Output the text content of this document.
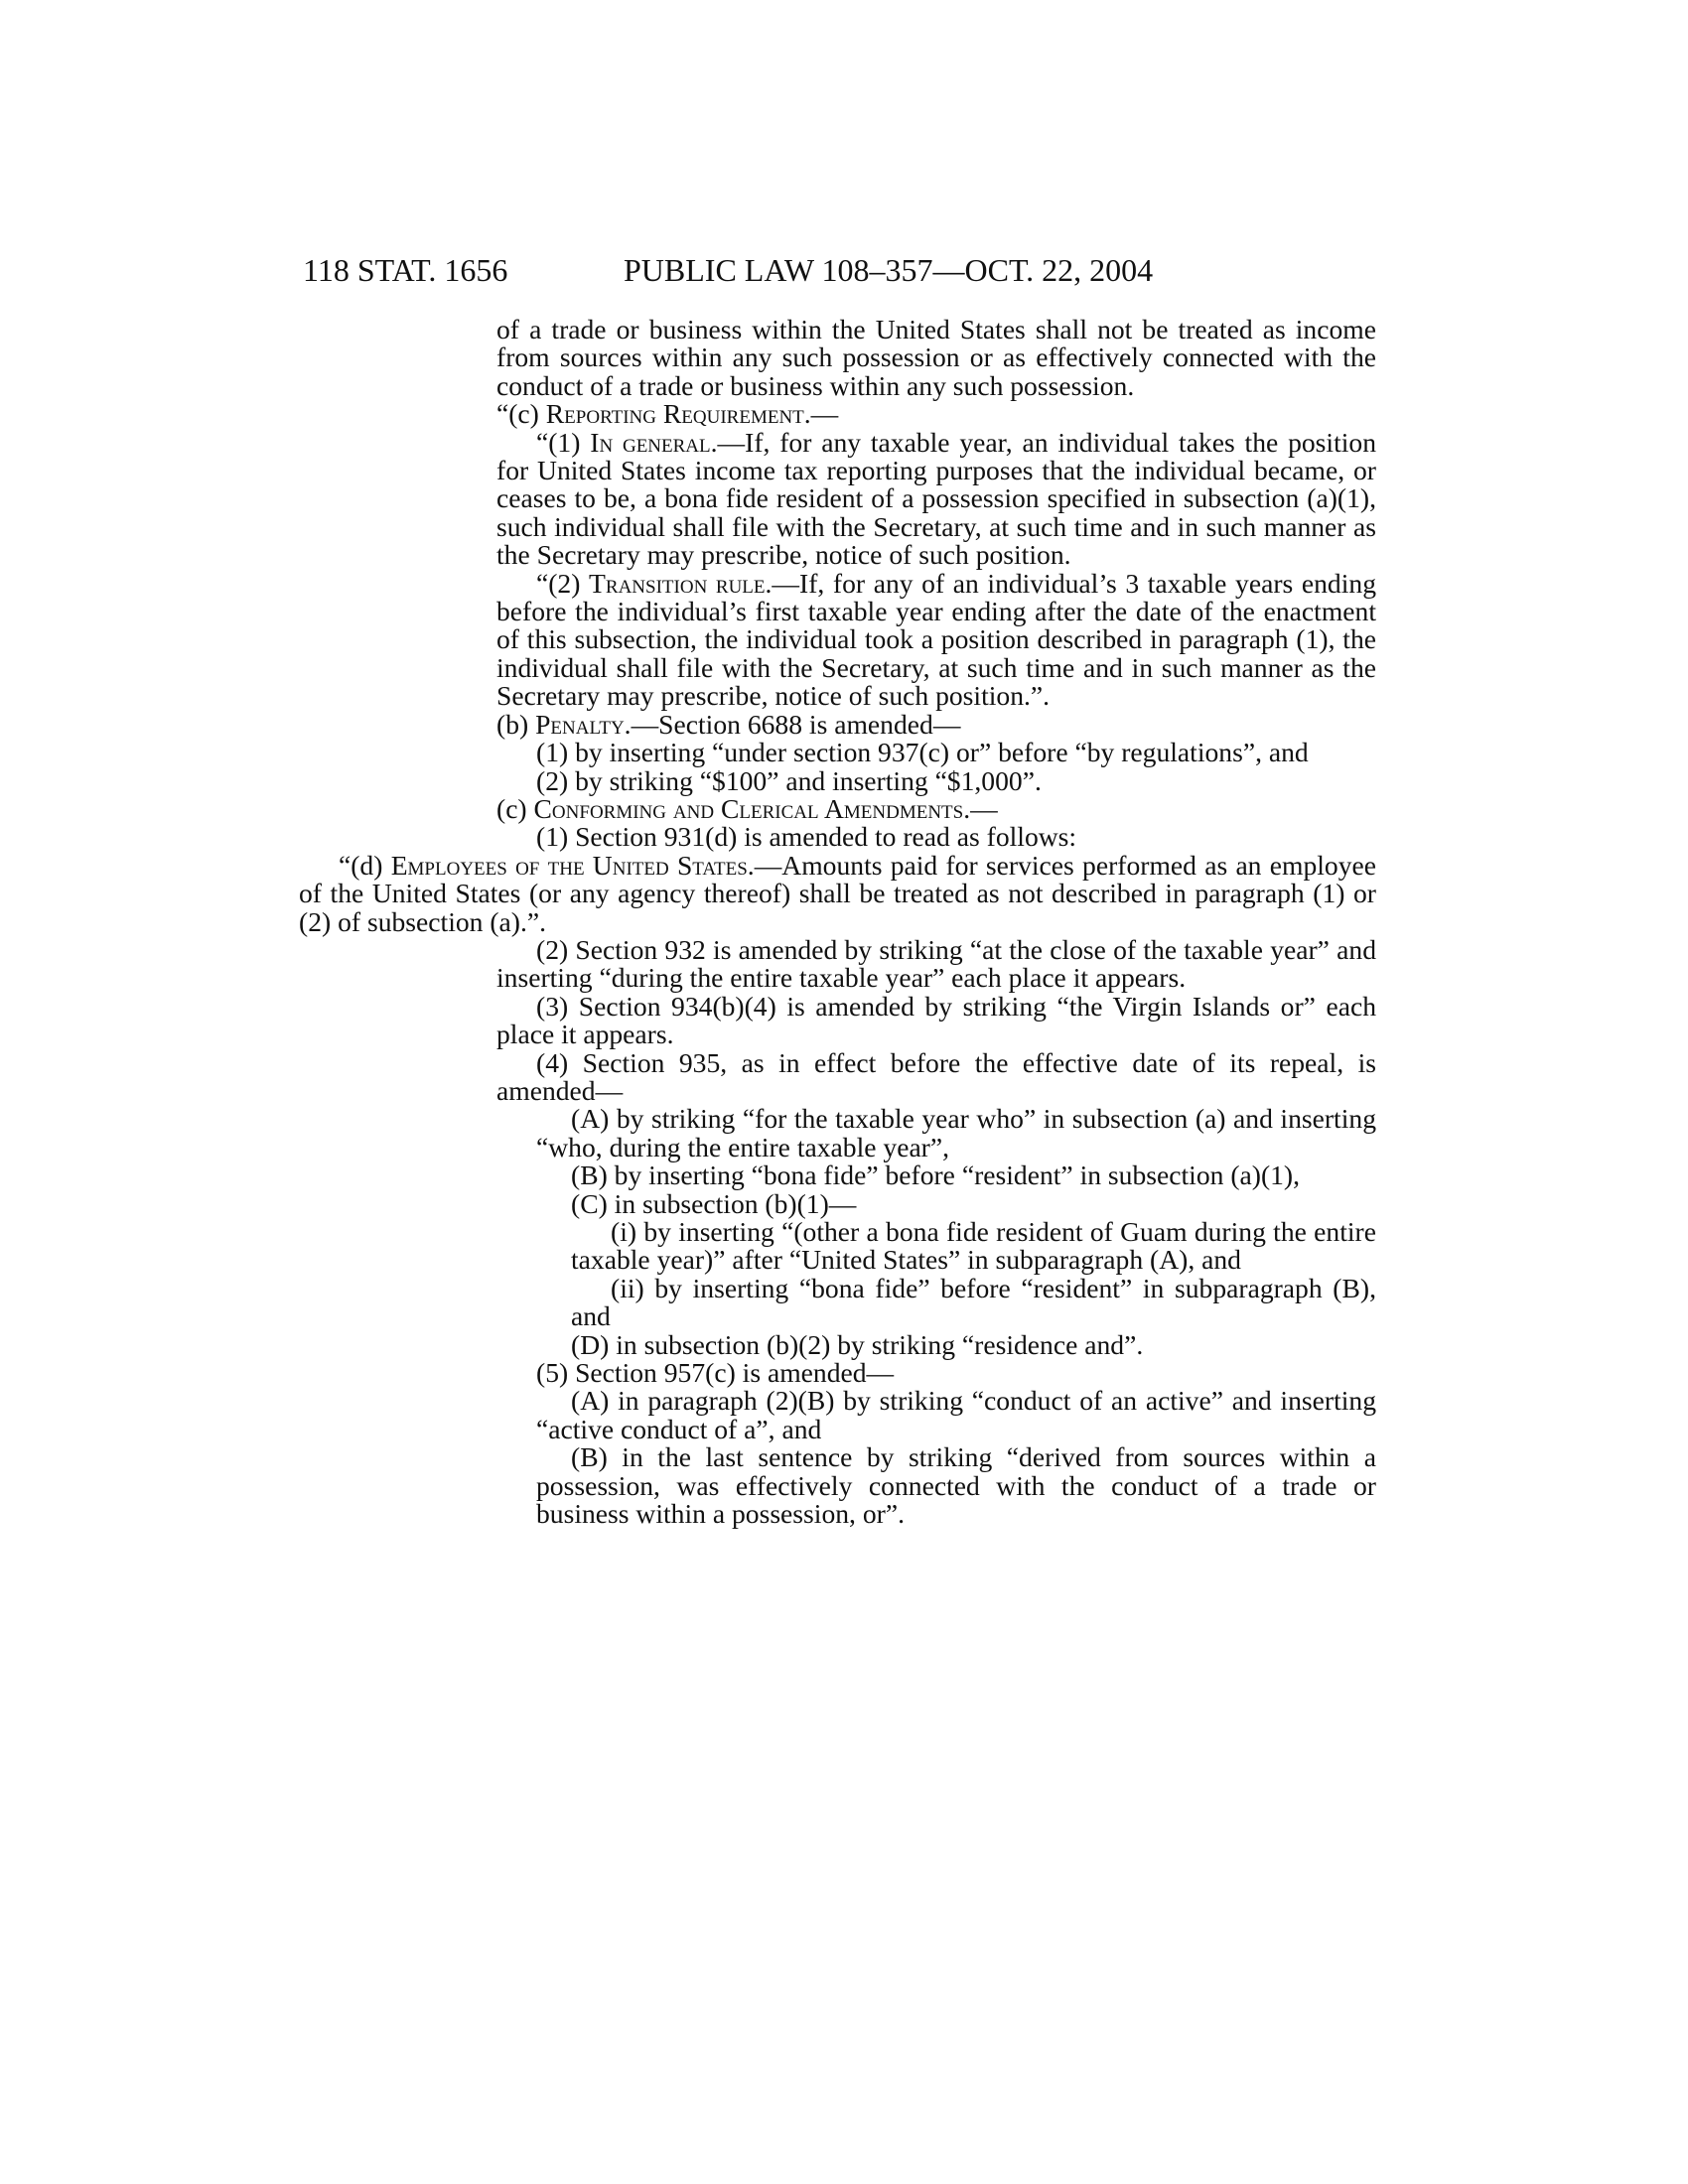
118 STAT. 1656	PUBLIC LAW 108–357—OCT. 22, 2004

of a trade or business within the United States shall not be treated as income from sources within any such possession or as effectively connected with the conduct of a trade or business within any such possession.

“(c) Reporting Requirement.—

“(1) In general.—If, for any taxable year, an individual takes the position for United States income tax reporting purposes that the individual became, or ceases to be, a bona fide resident of a possession specified in subsection (a)(1), such individual shall file with the Secretary, at such time and in such manner as the Secretary may prescribe, notice of such position.

“(2) Transition rule.—If, for any of an individual’s 3 taxable years ending before the individual’s first taxable year ending after the date of the enactment of this subsection, the individual took a position described in paragraph (1), the individual shall file with the Secretary, at such time and in such manner as the Secretary may prescribe, notice of such position.”.

(b) Penalty.—Section 6688 is amended—

(1) by inserting “under section 937(c) or” before “by regulations”, and

(2) by striking “$100” and inserting “$1,000”.

(c) Conforming and Clerical Amendments.—

(1) Section 931(d) is amended to read as follows:

“(d) Employees of the United States.—Amounts paid for services performed as an employee of the United States (or any agency thereof) shall be treated as not described in paragraph (1) or (2) of subsection (a).”.

(2) Section 932 is amended by striking “at the close of the taxable year” and inserting “during the entire taxable year” each place it appears.

(3) Section 934(b)(4) is amended by striking “the Virgin Islands or” each place it appears.

(4) Section 935, as in effect before the effective date of its repeal, is amended—

(A) by striking “for the taxable year who” in subsection (a) and inserting “who, during the entire taxable year”,

(B) by inserting “bona fide” before “resident” in subsection (a)(1),

(C) in subsection (b)(1)—

(i) by inserting “(other a bona fide resident of Guam during the entire taxable year)” after “United States” in subparagraph (A), and

(ii) by inserting “bona fide” before “resident” in subparagraph (B), and

(D) in subsection (b)(2) by striking “residence and”.

(5) Section 957(c) is amended—

(A) in paragraph (2)(B) by striking “conduct of an active” and inserting “active conduct of a”, and

(B) in the last sentence by striking “derived from sources within a possession, was effectively connected with the conduct of a trade or business within a possession, or”.
